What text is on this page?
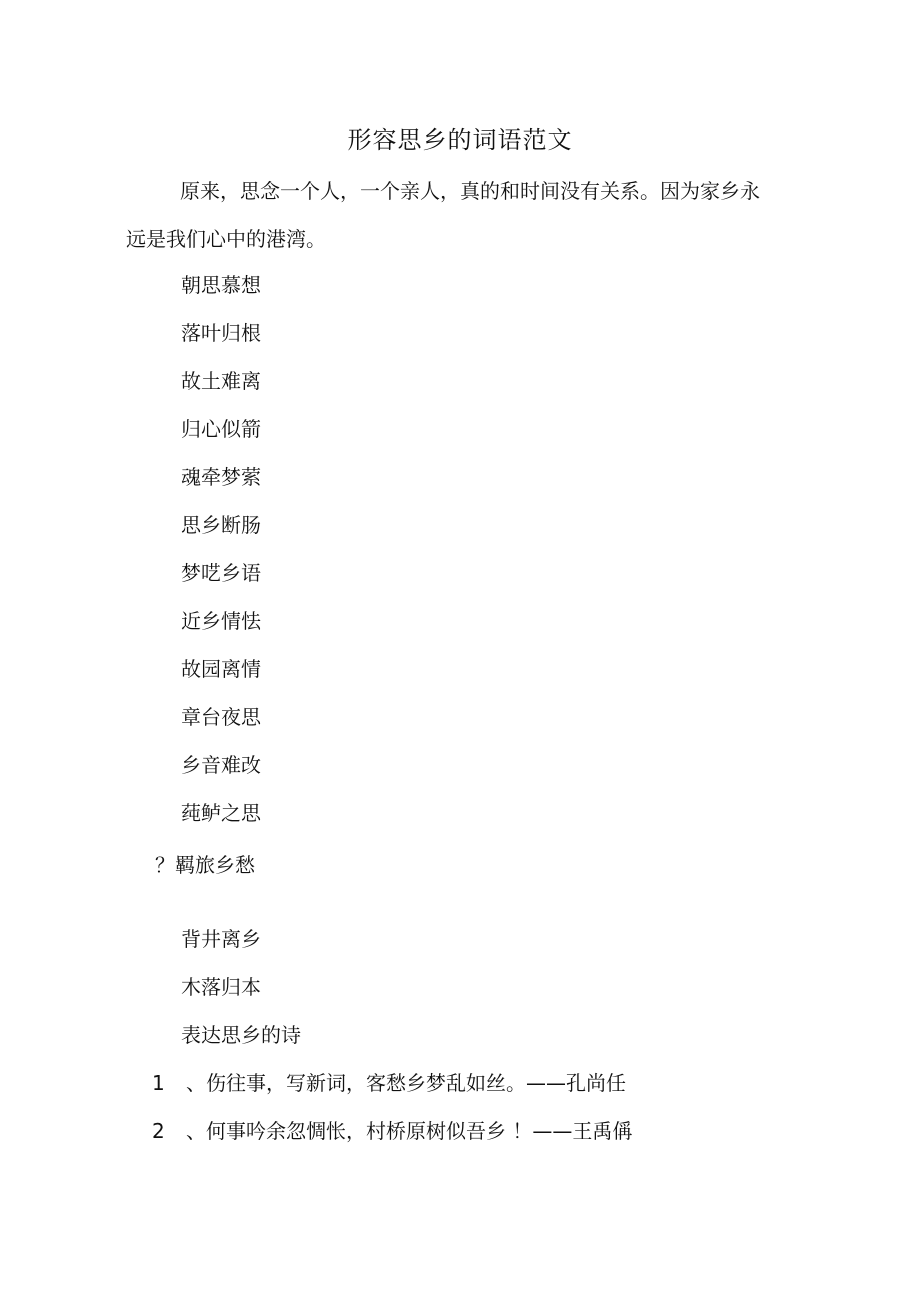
形容思乡的词语范文

原来，思念一个人，一个亲人，真的和时间没有关系。因为家乡永远是我们心中的港湾。

朝思慕想
落叶归根
故土难离
归心似箭
魂牵梦萦
思乡断肠
梦呓乡语
近乡情怯
故园离情
章台夜思
乡音难改
莼鲈之思
？羁旅乡愁
背井离乡
木落归本
表达思乡的诗
1 、伤往事，写新词，客愁乡梦乱如丝。——孔尚任
2 、何事吟余忽惆怅，村桥原树似吾乡 ！——王禹偁
